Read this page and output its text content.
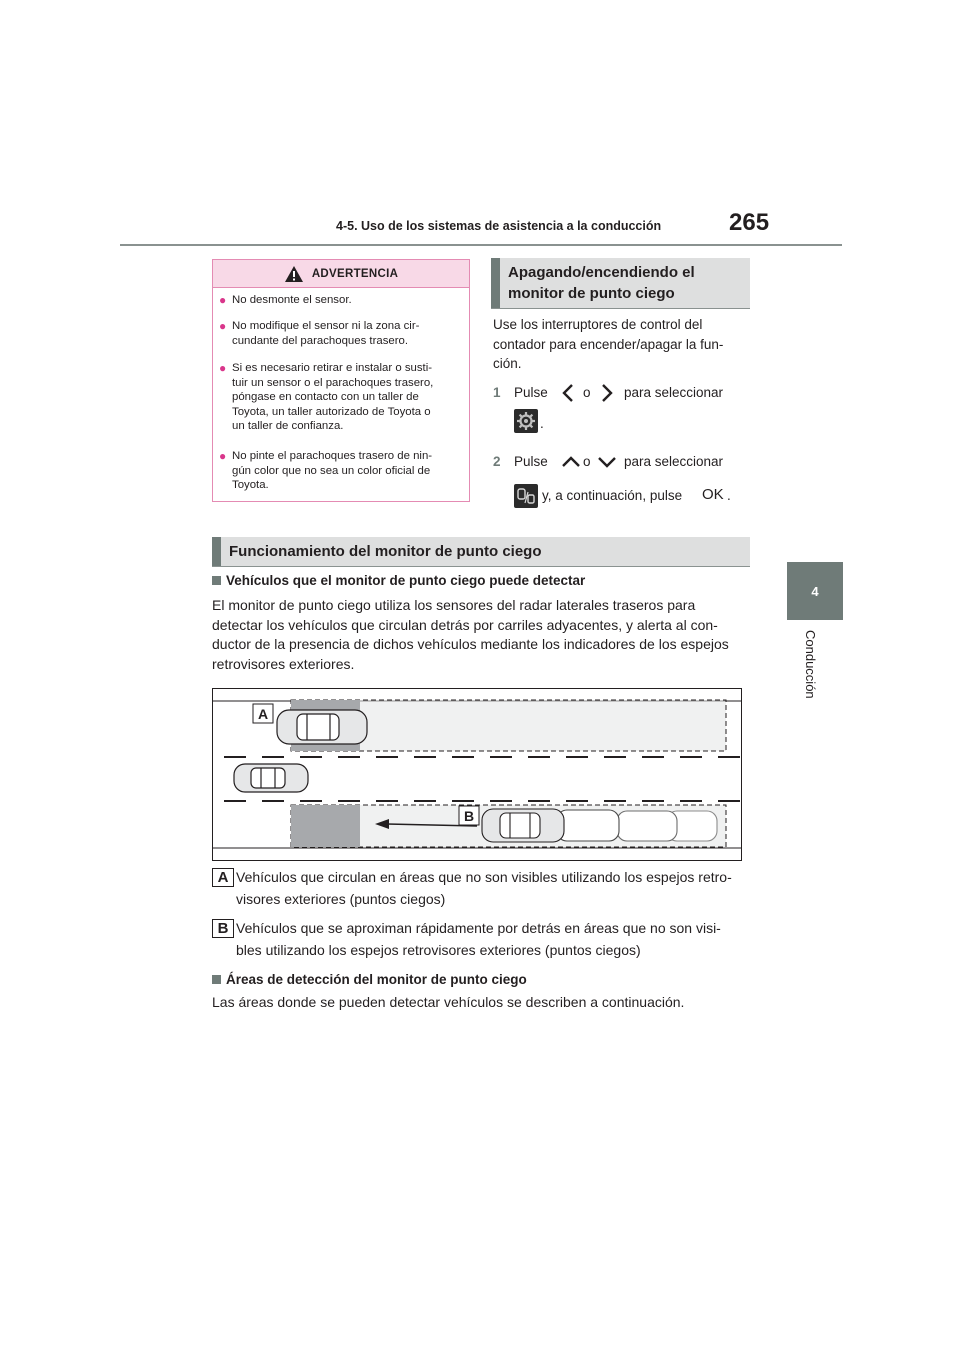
4-5. Uso de los sistemas de asistencia a la conducción	265
4
Conducción
ADVERTENCIA
● No desmonte el sensor.
● No modifique el sensor ni la zona cir-
cundante del parachoques trasero.
● Si es necesario retirar e instalar o susti-
tuir un sensor o el parachoques trasero,
póngase en contacto con un taller de
Toyota, un taller autorizado de Toyota o
un taller de confianza.
● No pinte el parachoques trasero de nin-
gún color que no sea un color oficial de
Toyota.
Apagando/encendiendo el
monitor de punto ciego
Use los interruptores de control del
contador para encender/apagar la fun-
ción.
1 Pulse	o para seleccionar
.
2 Pulse	o para seleccionar
y, a continuación, pulse OK .
Funcionamiento del monitor de punto ciego
Vehículos que el monitor de punto ciego puede detectar
El monitor de punto ciego utiliza los sensores del radar laterales traseros para
detectar los vehículos que circulan detrás por carriles adyacentes, y alerta al con-
ductor de la presencia de dichos vehículos mediante los indicadores de los espejos
retrovisores exteriores.
A
B
A Vehículos que circulan en áreas que no son visibles utilizando los espejos retro-
visores exteriores (puntos ciegos)
B Vehículos que se aproximan rápidamente por detrás en áreas que no son visi-
bles utilizando los espejos retrovisores exteriores (puntos ciegos)
Áreas de detección del monitor de punto ciego
Las áreas donde se pueden detectar vehículos se describen a continuación.
